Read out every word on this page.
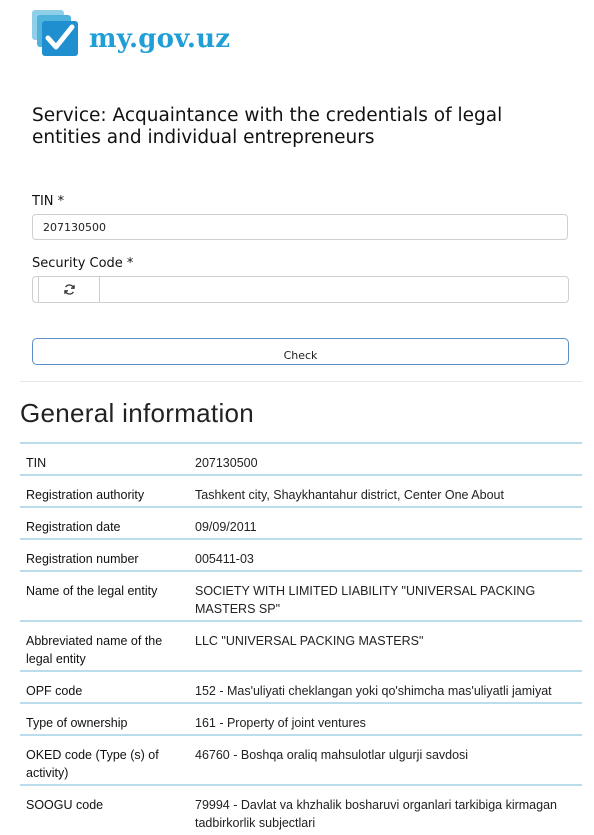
my.gov.uz
Service: Acquaintance with the credentials of legal entities and individual entrepreneurs
TIN *
207130500
Security Code *
Check
General information
TIN	207130500
Registration authority	Tashkent city, Shaykhantahur district, Center One About
Registration date	09/09/2011
Registration number	005411-03
Name of the legal entity	SOCIETY WITH LIMITED LIABILITY "UNIVERSAL PACKING MASTERS SP"
Abbreviated name of the legal entity	LLC "UNIVERSAL PACKING MASTERS"
OPF code	152 - Mas'uliyati cheklangan yoki qo'shimcha mas'uliyatli jamiyat
Type of ownership	161 - Property of joint ventures
OKED code (Type (s) of activity)	46760 - Boshqa oraliq mahsulotlar ulgurji savdosi
SOOGU code	79994 - Davlat va khzhalik bosharuvi organlari tarkibiga kirmagan tadbirkorlik subjectlari
